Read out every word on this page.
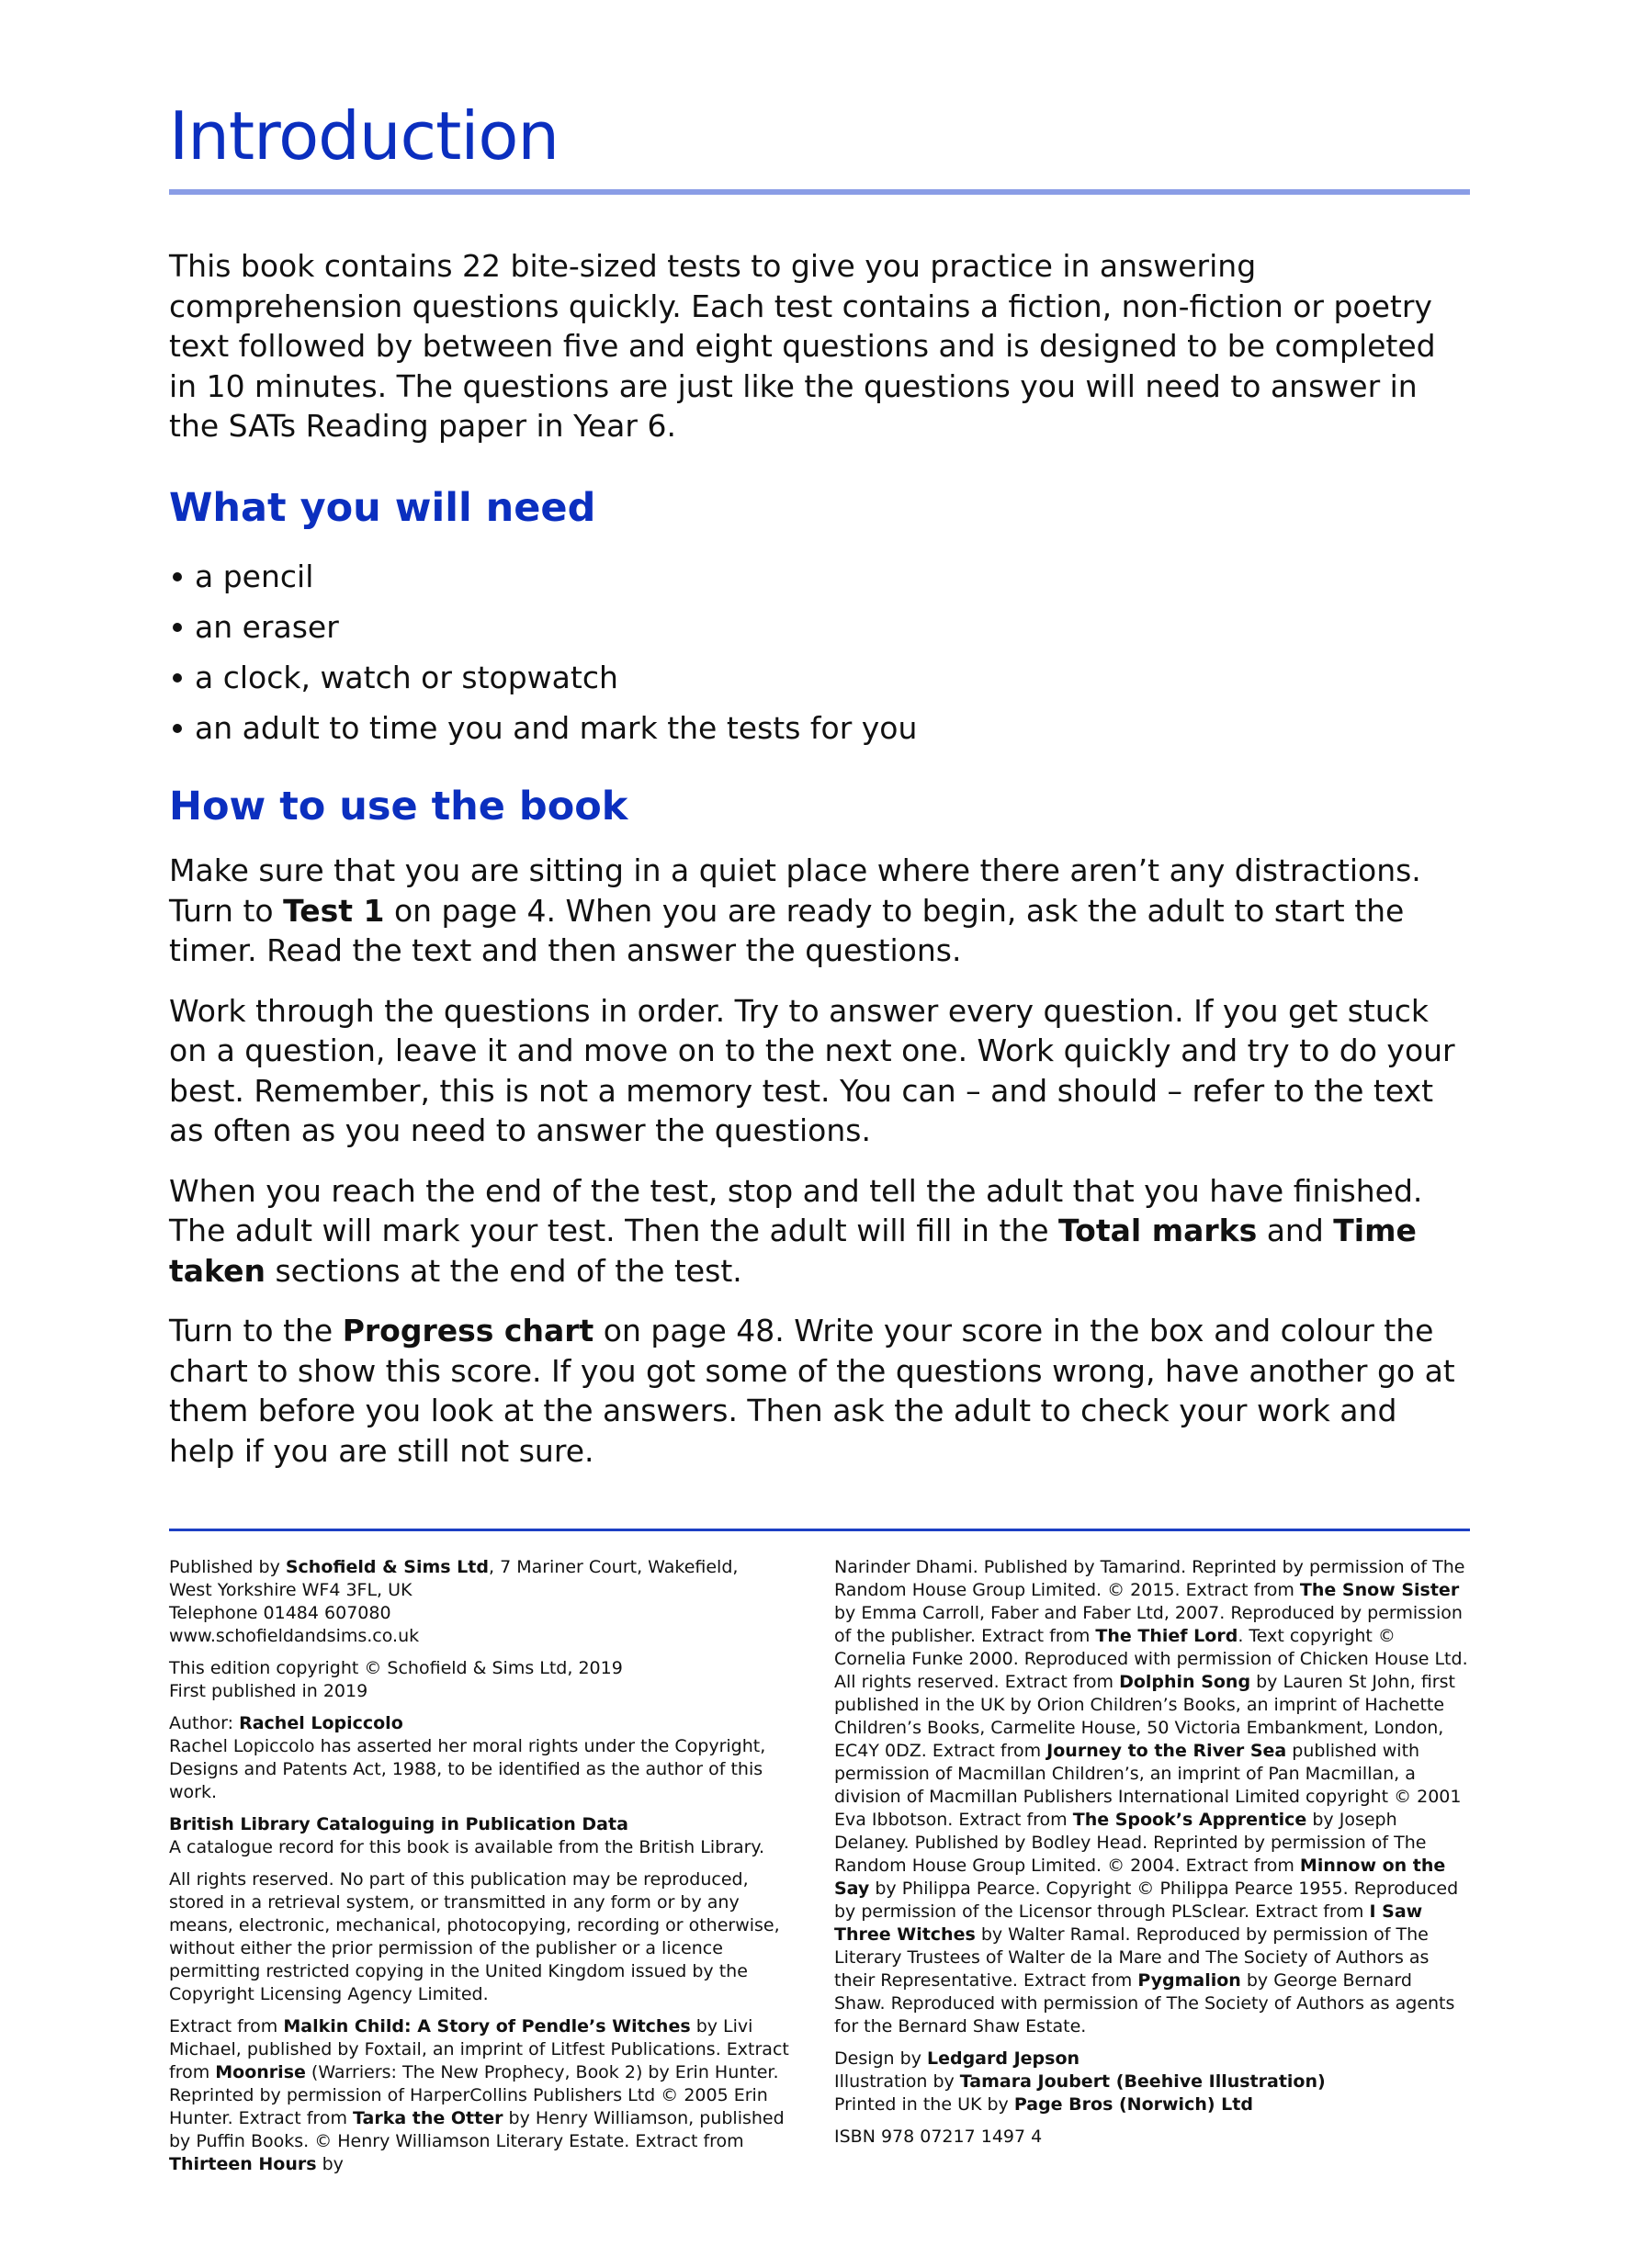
Introduction

This book contains 22 bite-sized tests to give you practice in answering comprehension questions quickly. Each test contains a fiction, non-fiction or poetry text followed by between five and eight questions and is designed to be completed in 10 minutes. The questions are just like the questions you will need to answer in the SATs Reading paper in Year 6.

What you will need
a pencil
an eraser
a clock, watch or stopwatch
an adult to time you and mark the tests for you
How to use the book

Make sure that you are sitting in a quiet place where there aren’t any distractions. Turn to Test 1 on page 4. When you are ready to begin, ask the adult to start the timer. Read the text and then answer the questions.

Work through the questions in order. Try to answer every question. If you get stuck on a question, leave it and move on to the next one. Work quickly and try to do your best. Remember, this is not a memory test. You can – and should – refer to the text as often as you need to answer the questions.

When you reach the end of the test, stop and tell the adult that you have finished. The adult will mark your test. Then the adult will fill in the Total marks and Time taken sections at the end of the test.

Turn to the Progress chart on page 48. Write your score in the box and colour the chart to show this score. If you got some of the questions wrong, have another go at them before you look at the answers. Then ask the adult to check your work and help if you are still not sure.

Published by Schofield & Sims Ltd, 7 Mariner Court, Wakefield,
West Yorkshire WF4 3FL, UK
Telephone 01484 607080
www.schofieldandsims.co.uk

This edition copyright © Schofield & Sims Ltd, 2019
First published in 2019

Author: Rachel Lopiccolo
Rachel Lopiccolo has asserted her moral rights under the Copyright, Designs and Patents Act, 1988, to be identified as the author of this work.

British Library Cataloguing in Publication Data
A catalogue record for this book is available from the British Library.

All rights reserved. No part of this publication may be reproduced, stored in a retrieval system, or transmitted in any form or by any means, electronic, mechanical, photocopying, recording or otherwise, without either the prior permission of the publisher or a licence permitting restricted copying in the United Kingdom issued by the Copyright Licensing Agency Limited.

Extract from Malkin Child: A Story of Pendle’s Witches by Livi Michael, published by Foxtail, an imprint of Litfest Publications. Extract from Moonrise (Warriers: The New Prophecy, Book 2) by Erin Hunter. Reprinted by permission of HarperCollins Publishers Ltd © 2005 Erin Hunter. Extract from Tarka the Otter by Henry Williamson, published by Puffin Books. © Henry Williamson Literary Estate. Extract from Thirteen Hours by

Narinder Dhami. Published by Tamarind. Reprinted by permission of The Random House Group Limited. © 2015. Extract from The Snow Sister by Emma Carroll, Faber and Faber Ltd, 2007. Reproduced by permission of the publisher. Extract from The Thief Lord. Text copyright © Cornelia Funke 2000. Reproduced with permission of Chicken House Ltd. All rights reserved. Extract from Dolphin Song by Lauren St John, first published in the UK by Orion Children’s Books, an imprint of Hachette Children’s Books, Carmelite House, 50 Victoria Embankment, London, EC4Y 0DZ. Extract from Journey to the River Sea published with permission of Macmillan Children’s, an imprint of Pan Macmillan, a division of Macmillan Publishers International Limited copyright © 2001 Eva Ibbotson. Extract from The Spook’s Apprentice by Joseph Delaney. Published by Bodley Head. Reprinted by permission of The Random House Group Limited. © 2004. Extract from Minnow on the Say by Philippa Pearce. Copyright © Philippa Pearce 1955. Reproduced by permission of the Licensor through PLSclear. Extract from I Saw Three Witches by Walter Ramal. Reproduced by permission of The Literary Trustees of Walter de la Mare and The Society of Authors as their Representative. Extract from Pygmalion by George Bernard Shaw. Reproduced with permission of The Society of Authors as agents for the Bernard Shaw Estate.

Design by Ledgard Jepson
Illustration by Tamara Joubert (Beehive Illustration)
Printed in the UK by Page Bros (Norwich) Ltd

ISBN 978 07217 1497 4
